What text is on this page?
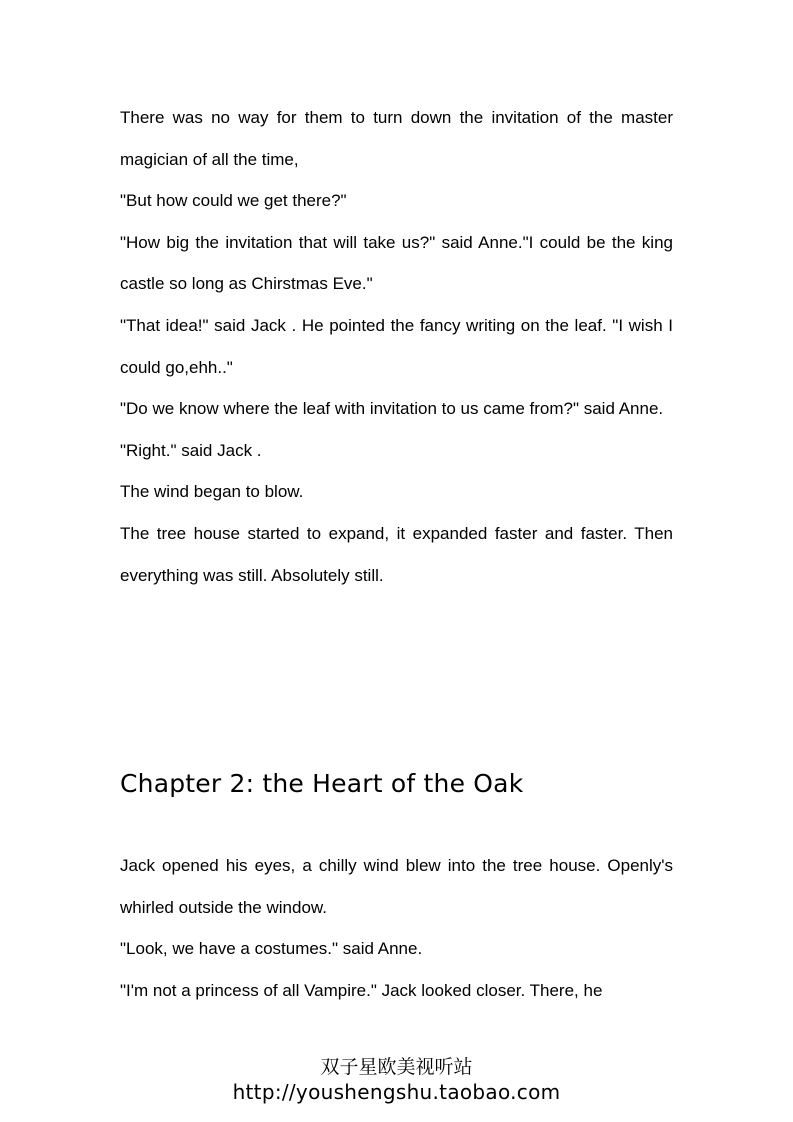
There was no way for them to turn down the invitation of the master magician of all the time,

"But how could we get there?"

"How big the invitation that will take us?" said Anne."I could be the king castle so long as Chirstmas Eve."

"That idea!" said Jack . He pointed the fancy writing on the leaf. "I wish I could go,ehh.."

"Do we know where the leaf with invitation to us came from?" said Anne.

"Right." said Jack .

The wind began to blow.

The tree house started to expand, it expanded faster and faster. Then everything was still. Absolutely still.

Chapter 2: the Heart of the Oak

Jack opened his eyes, a chilly wind blew into the tree house. Openly's whirled outside the window.

"Look, we have a costumes." said Anne.

"I'm not a princess of all Vampire." Jack looked closer. There, he

双子星欧美视听站
http://youshengshu.taobao.com
